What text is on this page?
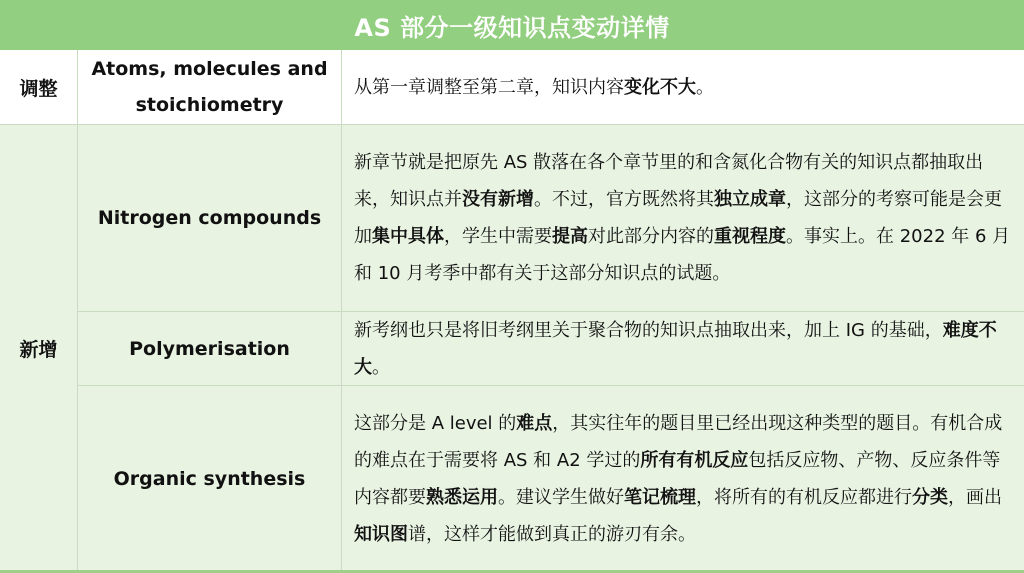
AS 部分一级知识点变动详情
调整
Atoms, molecules and stoichiometry
从第一章调整至第二章，知识内容变化不大。
新增
Nitrogen compounds
新章节就是把原先 AS 散落在各个章节里的和含氮化合物有关的知识点都抽取出来，知识点并没有新增。不过，官方既然将其独立成章，这部分的考察可能是会更加集中具体，学生中需要提高对此部分内容的重视程度。事实上。在 2022 年 6 月和 10 月考季中都有关于这部分知识点的试题。
Polymerisation
新考纲也只是将旧考纲里关于聚合物的知识点抽取出来，加上 IG 的基础，难度不大。
Organic synthesis
这部分是 A level 的难点，其实往年的题目里已经出现这种类型的题目。有机合成的难点在于需要将 AS 和 A2 学过的所有有机反应包括反应物、产物、反应条件等内容都要熟悉运用。建议学生做好笔记梳理，将所有的有机反应都进行分类，画出知识图谱，这样才能做到真正的游刃有余。
